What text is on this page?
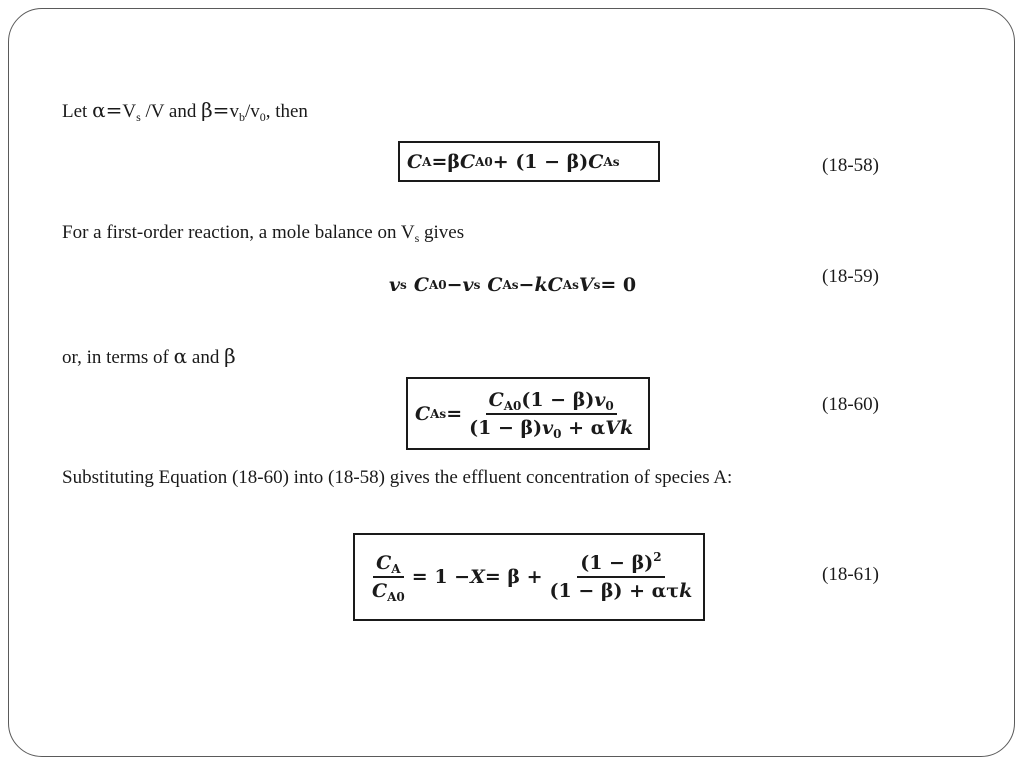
Let $\alpha=V_s$ /V and $\beta=v_b/v_0$, then
C A = β C A0 + (1 − β) C As	(18-58)
For a first-order reaction, a mole balance on $V_s$ gives
v s C A0 − v s C As − kC As V s = 0	(18-59)
or, in terms of α and β
C $As = \frac{C_{A0}(1 - \beta)v_0}{(1 - \beta)v_0 + \alpha Vk}$	(18-60)
Substituting Equation (18-60) into (18-58) gives the effluent concentration of species A:
$\frac{C_A}{C_{A0}} = 1 - X = \beta + \frac{(1 - \beta)^2}{\text{(1 − β) + ατk}}$	(18-61)
